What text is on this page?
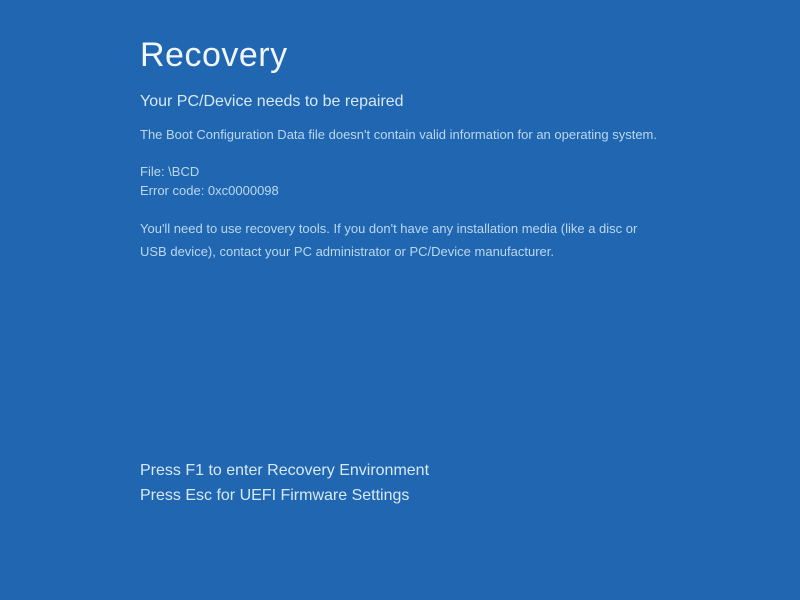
Recovery
Your PC/Device needs to be repaired
The Boot Configuration Data file doesn't contain valid information for an operating system.
File: \BCD
Error code: 0xc0000098
You'll need to use recovery tools. If you don't have any installation media (like a disc or USB device), contact your PC administrator or PC/Device manufacturer.
Press F1 to enter Recovery Environment
Press Esc for UEFI Firmware Settings
